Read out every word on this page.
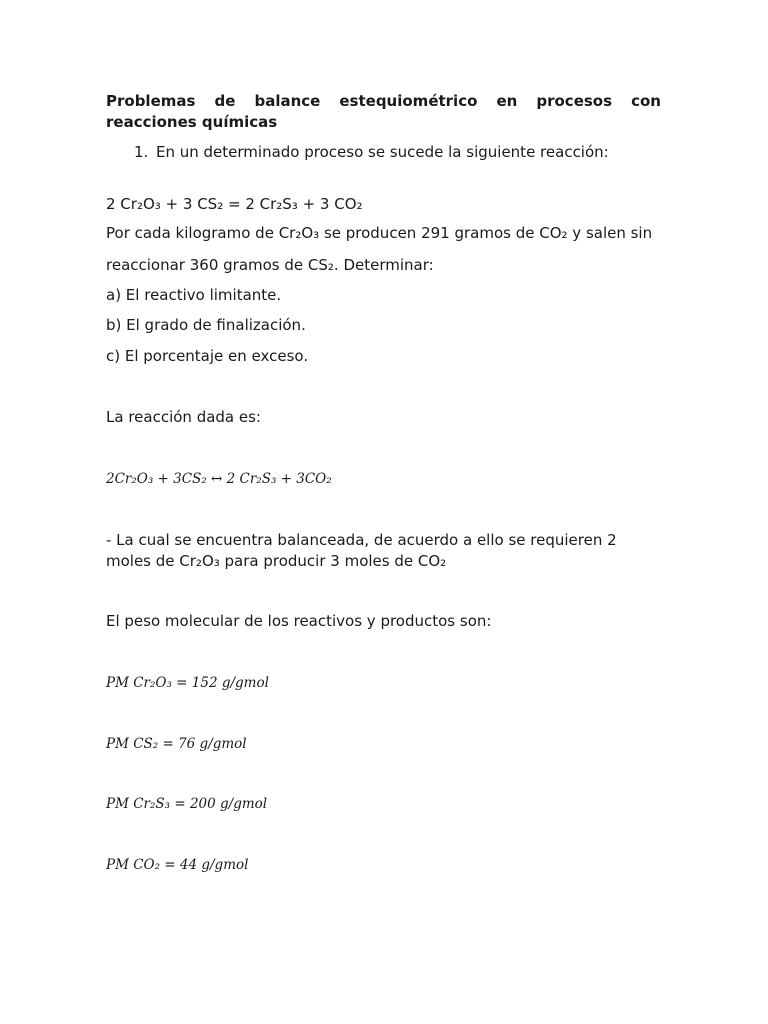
Problemas de balance estequiométrico en procesos con
reacciones químicas
1. En un determinado proceso se sucede la siguiente reacción:
2 Cr₂O₃ + 3 CS₂ = 2 Cr₂S₃ + 3 CO₂
Por cada kilogramo de Cr₂O₃ se producen 291 gramos de CO₂ y salen sin
reaccionar 360 gramos de CS₂. Determinar:
a) El reactivo limitante.
b) El grado de finalización.
c) El porcentaje en exceso.
La reacción dada es:
2Cr₂O₃ + 3CS₂ ↔ 2 Cr₂S₃ + 3CO₂
- La cual se encuentra balanceada, de acuerdo a ello se requieren 2
moles de Cr₂O₃ para producir 3 moles de CO₂
El peso molecular de los reactivos y productos son:
PM Cr₂O₃ = 152 g/gmol
PM CS₂ = 76 g/gmol
PM Cr₂S₃ = 200 g/gmol
PM CO₂ = 44 g/gmol
